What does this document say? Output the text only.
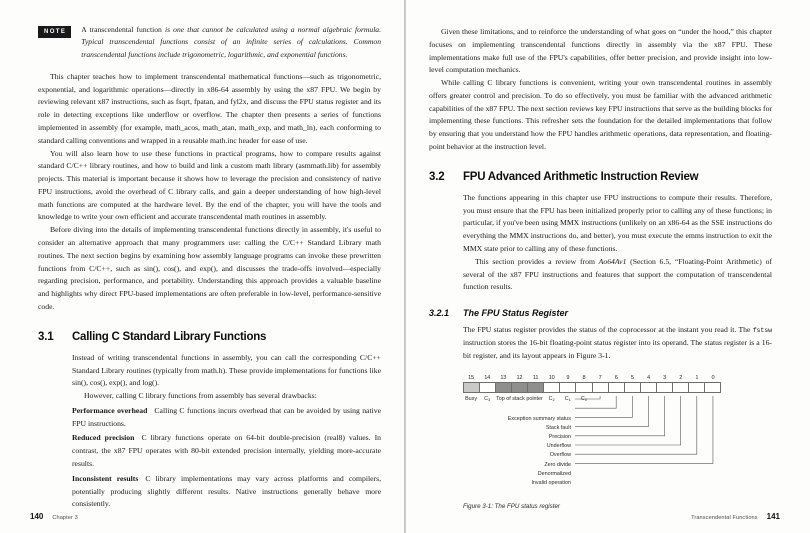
NOTE	A transcendental function is one that cannot be calculated using a normal algebraic formula. Typical transcendental functions consist of an infinite series of calculations. Common transcendental functions include trigonometric, logarithmic, and exponential functions.

This chapter teaches how to implement transcendental mathematical functions—such as trigonometric, exponential, and logarithmic operations—directly in x86-64 assembly by using the x87 FPU. We begin by reviewing relevant x87 instructions, such as fsqrt, fpatan, and fyl2x, and discuss the FPU status register and its role in detecting exceptions like underflow or overflow. The chapter then presents a series of functions implemented in assembly (for example, math_acos, math_atan, math_exp, and math_ln), each conforming to standard calling conventions and wrapped in a reusable math.inc header for ease of use.

You will also learn how to use these functions in practical programs, how to compare results against standard C/C++ library routines, and how to build and link a custom math library (asmmath.lib) for assembly projects. This material is important because it shows how to leverage the precision and consistency of native FPU instructions, avoid the overhead of C library calls, and gain a deeper understanding of how high-level math functions are computed at the hardware level. By the end of the chapter, you will have the tools and knowledge to write your own efficient and accurate transcendental math routines in assembly.

Before diving into the details of implementing transcendental functions directly in assembly, it's useful to consider an alternative approach that many programmers use: calling the C/C++ Standard Library math routines. The next section begins by examining how assembly language programs can invoke these prewritten functions from C/C++, such as sin(), cos(), and exp(), and discusses the trade-offs involved—especially regarding precision, performance, and portability. Understanding this approach provides a valuable baseline and highlights why direct FPU-based implementations are often preferable in low-level, performance-sensitive code.

3.1	Calling C Standard Library Functions

Instead of writing transcendental functions in assembly, you can call the corresponding C/C++ Standard Library routines (typically from math.h). These provide implementations for functions like sin(), cos(), exp(), and log().

However, calling C library functions from assembly has several drawbacks:

Performance overhead Calling C functions incurs overhead that can be avoided by using native FPU instructions.
Reduced precision C library functions operate on 64-bit double-precision (real8) values. In contrast, the x87 FPU operates with 80-bit extended precision internally, yielding more-accurate results.
Inconsistent results C library implementations may vary across platforms and compilers, potentially producing slightly different results. Native instructions generally behave more consistently.
140 Chapter 3

Given these limitations, and to reinforce the understanding of what goes on “under the hood,” this chapter focuses on implementing transcendental functions directly in assembly via the x87 FPU. These implementations make full use of the FPU's capabilities, offer better precision, and provide insight into low-level computation mechanics.

While calling C library functions is convenient, writing your own transcendental routines in assembly offers greater control and precision. To do so effectively, you must be familiar with the advanced arithmetic capabilities of the x87 FPU. The next section reviews key FPU instructions that serve as the building blocks for implementing these functions. This refresher sets the foundation for the detailed implementations that follow by ensuring that you understand how the FPU handles arithmetic operations, data representation, and floating-point behavior at the instruction level.

3.2	FPU Advanced Arithmetic Instruction Review

The functions appearing in this chapter use FPU instructions to compute their results. Therefore, you must ensure that the FPU has been initialized properly prior to calling any of these functions; in particular, if you've been using MMX instructions (unlikely on an x86-64 as the SSE instructions do everything the MMX instructions do, and better), you must execute the emms instruction to exit the MMX state prior to calling any of these functions.

This section provides a review from Ao64Av1 (Section 6.5, “Floating-Point Arithmetic) of several of the x87 FPU instructions and features that support the computation of transcendental function results.

3.2.1	The FPU Status Register

The FPU status register provides the status of the coprocessor at the instant you read it. The fstsw instruction stores the 16-bit floating-point status register into its operand. The status register is a 16-bit register, and its layout appears in Figure 3-1.

15	14	13	12	11	10	9	8	7	6	5	4	3	2	1	0
Busy	$C_3$	Top of stack pointer	$C_2$	$C_1$	$C_0$
Exception summary status
Stack fault
Precision
Underflow
Overflow
Zero divide
Denormalized
Invalid operation
Figure 3-1: The FPU status register
Transcendental Functions 141
